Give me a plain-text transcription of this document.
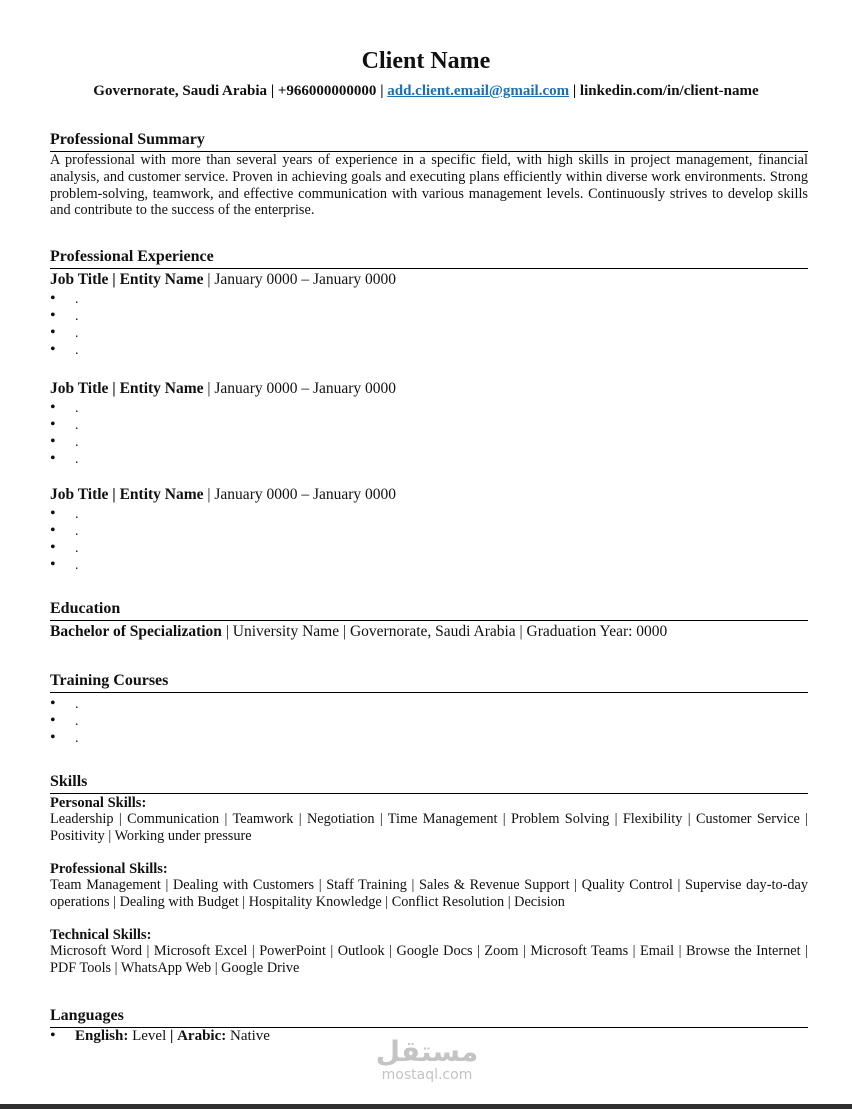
Client Name
Governorate, Saudi Arabia | +966000000000 | add.client.email@gmail.com | linkedin.com/in/client-name
Professional Summary
A professional with more than several years of experience in a specific field, with high skills in project management, financial analysis, and customer service. Proven in achieving goals and executing plans efficiently within diverse work environments. Strong problem-solving, teamwork, and effective communication with various management levels. Continuously strives to develop skills and contribute to the success of the enterprise.
Professional Experience
Job Title | Entity Name | January 0000 – January 0000
• .
• .
• .
• .
Job Title | Entity Name | January 0000 – January 0000
• .
• .
• .
• .
Job Title | Entity Name | January 0000 – January 0000
• .
• .
• .
• .
Education
Bachelor of Specialization | University Name | Governorate, Saudi Arabia | Graduation Year: 0000
Training Courses
• .
• .
• .
Skills
Personal Skills:
Leadership | Communication | Teamwork | Negotiation | Time Management | Problem Solving | Flexibility | Customer Service | Positivity | Working under pressure
Professional Skills:
Team Management | Dealing with Customers | Staff Training | Sales & Revenue Support | Quality Control | Supervise day-to-day operations | Dealing with Budget | Hospitality Knowledge | Conflict Resolution | Decision
Technical Skills:
Microsoft Word | Microsoft Excel | PowerPoint | Outlook | Google Docs | Zoom | Microsoft Teams | Email | Browse the Internet | PDF Tools | WhatsApp Web | Google Drive
Languages
• English: Level | Arabic: Native	مستقل
mostaql.com
